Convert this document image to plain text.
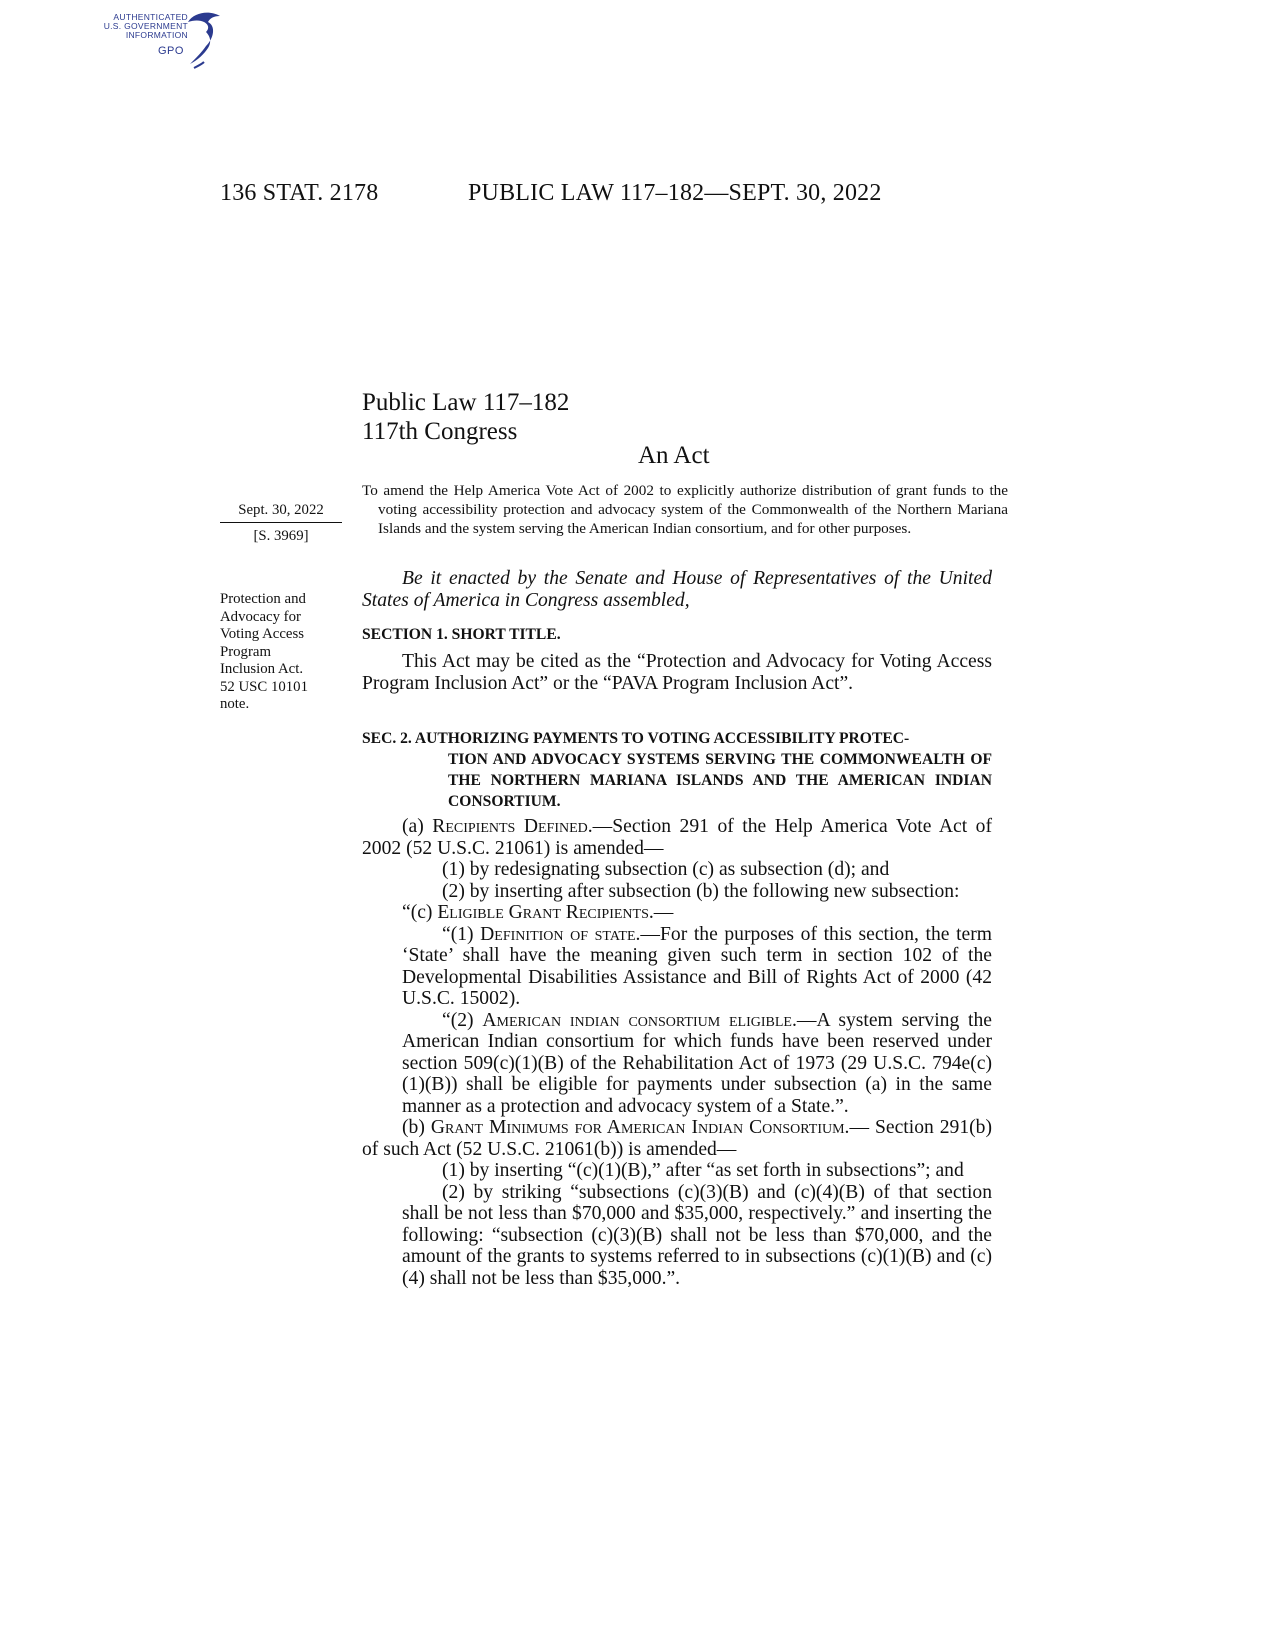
AUTHENTICATED
U.S. GOVERNMENT
INFORMATION
GPO
136 STAT. 2178	PUBLIC LAW 117–182—SEPT. 30, 2022
Public Law 117–182
117th Congress
An Act
Sept. 30, 2022
[S. 3969]
To amend the Help America Vote Act of 2002 to explicitly authorize distribution of grant funds to the voting accessibility protection and advocacy system of the Commonwealth of the Northern Mariana Islands and the system serving the American Indian consortium, and for other purposes.
Protection and
Advocacy for
Voting Access
Program
Inclusion Act.
52 USC 10101
note.

Be it enacted by the Senate and House of Representatives of the United States of America in Congress assembled,

SECTION 1. SHORT TITLE.

This Act may be cited as the “Protection and Advocacy for Voting Access Program Inclusion Act” or the “PAVA Program Inclusion Act”.

SEC. 2. AUTHORIZING PAYMENTS TO VOTING ACCESSIBILITY PROTEC-
TION AND ADVOCACY SYSTEMS SERVING THE COMMONWEALTH OF THE NORTHERN MARIANA ISLANDS AND THE AMERICAN INDIAN CONSORTIUM.

(a) Recipients Defined.—Section 291 of the Help America Vote Act of 2002 (52 U.S.C. 21061) is amended—

(1) by redesignating subsection (c) as subsection (d); and

(2) by inserting after subsection (b) the following new subsection:

“(c) Eligible Grant Recipients.—

“(1) Definition of state.—For the purposes of this section, the term ‘State’ shall have the meaning given such term in section 102 of the Developmental Disabilities Assistance and Bill of Rights Act of 2000 (42 U.S.C. 15002).

“(2) American indian consortium eligible.—A system serving the American Indian consortium for which funds have been reserved under section 509(c)(1)(B) of the Rehabilitation Act of 1973 (29 U.S.C. 794e(c)(1)(B)) shall be eligible for payments under subsection (a) in the same manner as a protection and advocacy system of a State.”.

(b) Grant Minimums for American Indian Consortium.— Section 291(b) of such Act (52 U.S.C. 21061(b)) is amended—

(1) by inserting “(c)(1)(B),” after “as set forth in subsections”; and

(2) by striking “subsections (c)(3)(B) and (c)(4)(B) of that section shall be not less than $70,000 and $35,000, respectively.” and inserting the following: “subsection (c)(3)(B) shall not be less than $70,000, and the amount of the grants to systems referred to in subsections (c)(1)(B) and (c)(4) shall not be less than $35,000.”.
